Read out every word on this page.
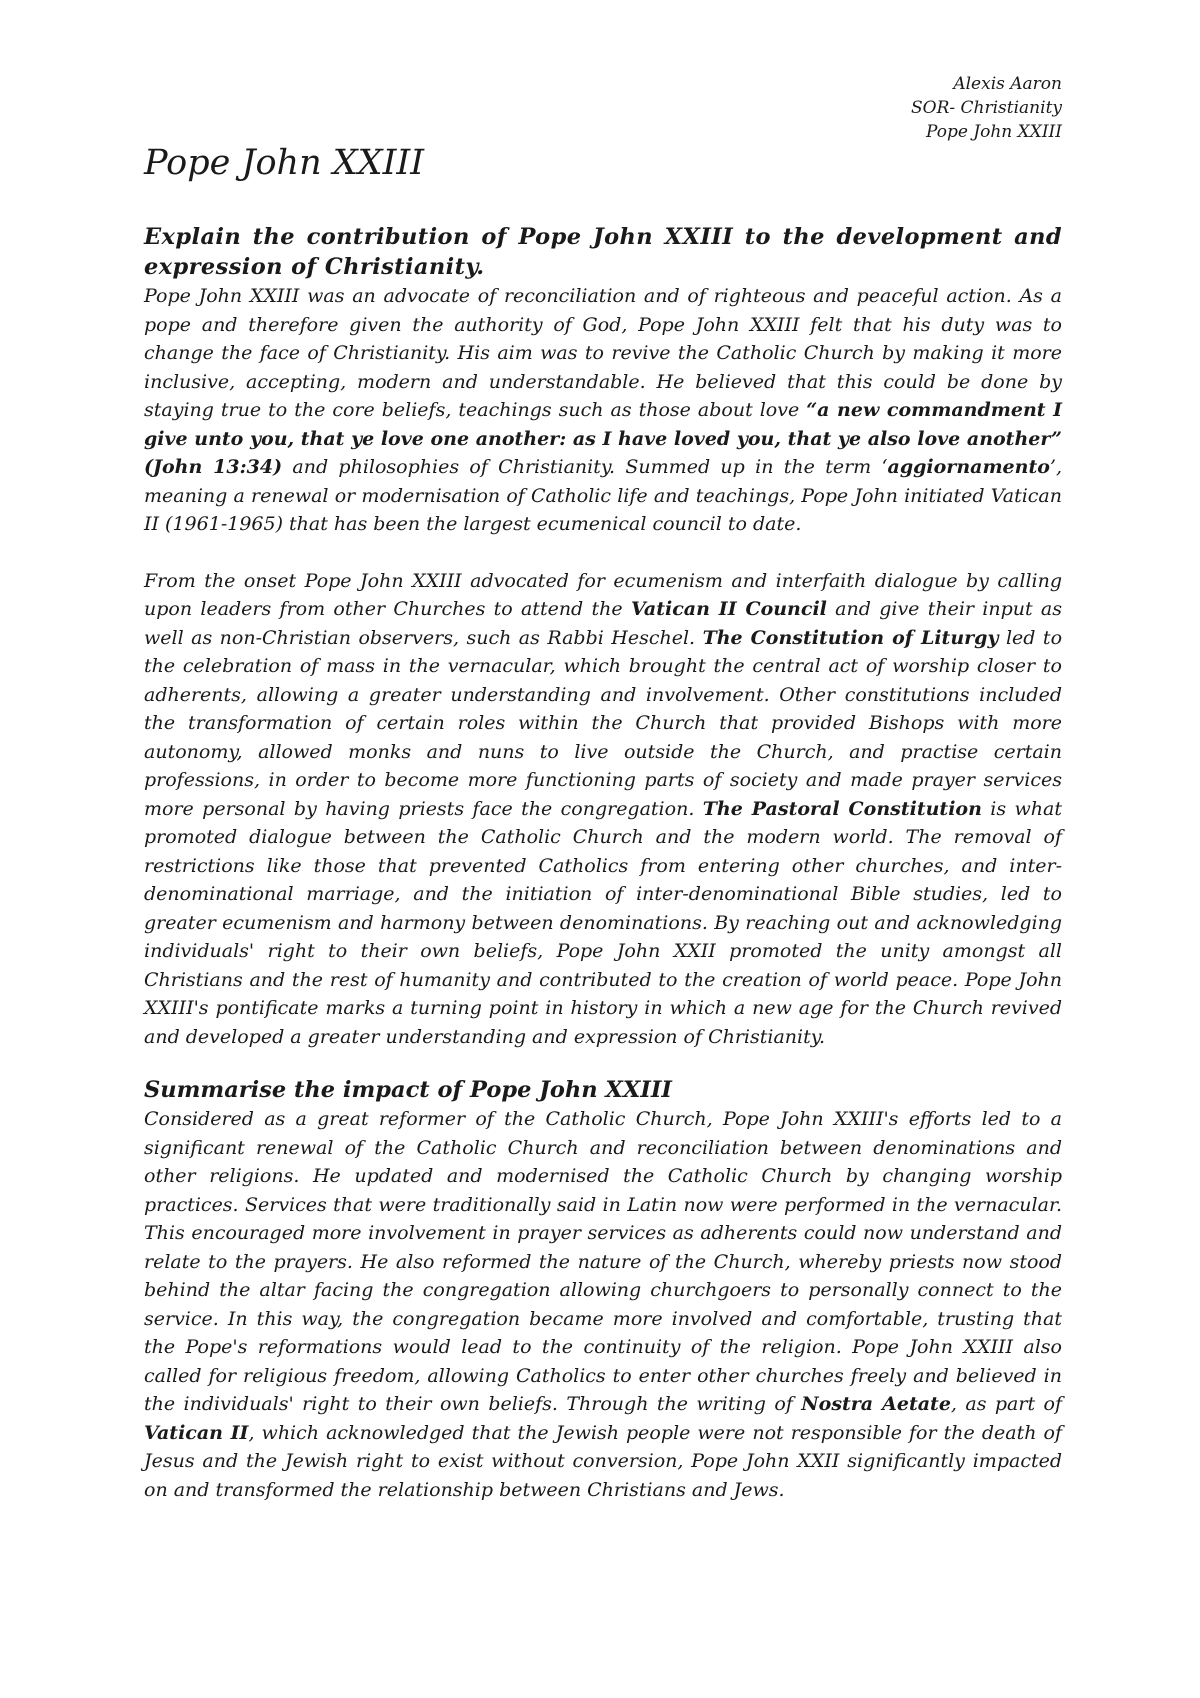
Alexis Aaron
SOR- Christianity
Pope John XXIII
Pope John XXIII
Explain the contribution of Pope John XXIII to the development and expression of Christianity.

Pope John XXIII was an advocate of reconciliation and of righteous and peaceful action. As a pope and therefore given the authority of God, Pope John XXIII felt that his duty was to change the face of Christianity. His aim was to revive the Catholic Church by making it more inclusive, accepting, modern and understandable. He believed that this could be done by staying true to the core beliefs, teachings such as those about love “a new commandment I give unto you, that ye love one another: as I have loved you, that ye also love another” (John 13:34) and philosophies of Christianity. Summed up in the term ‘aggiornamento’, meaning a renewal or modernisation of Catholic life and teachings, Pope John initiated Vatican II (1961-1965) that has been the largest ecumenical council to date.

From the onset Pope John XXIII advocated for ecumenism and interfaith dialogue by calling upon leaders from other Churches to attend the Vatican II Council and give their input as well as non-Christian observers, such as Rabbi Heschel. The Constitution of Liturgy led to the celebration of mass in the vernacular, which brought the central act of worship closer to adherents, allowing a greater understanding and involvement. Other constitutions included the transformation of certain roles within the Church that provided Bishops with more autonomy, allowed monks and nuns to live outside the Church, and practise certain professions, in order to become more functioning parts of society and made prayer services more personal by having priests face the congregation. The Pastoral Constitution is what promoted dialogue between the Catholic Church and the modern world. The removal of restrictions like those that prevented Catholics from entering other churches, and inter-denominational marriage, and the initiation of inter-denominational Bible studies, led to greater ecumenism and harmony between denominations. By reaching out and acknowledging individuals' right to their own beliefs, Pope John XXII promoted the unity amongst all Christians and the rest of humanity and contributed to the creation of world peace. Pope John XXIII's pontificate marks a turning point in history in which a new age for the Church revived and developed a greater understanding and expression of Christianity.

Summarise the impact of Pope John XXIII

Considered as a great reformer of the Catholic Church, Pope John XXIII's efforts led to a significant renewal of the Catholic Church and reconciliation between denominations and other religions. He updated and modernised the Catholic Church by changing worship practices. Services that were traditionally said in Latin now were performed in the vernacular. This encouraged more involvement in prayer services as adherents could now understand and relate to the prayers. He also reformed the nature of the Church, whereby priests now stood behind the altar facing the congregation allowing churchgoers to personally connect to the service. In this way, the congregation became more involved and comfortable, trusting that the Pope's reformations would lead to the continuity of the religion. Pope John XXIII also called for religious freedom, allowing Catholics to enter other churches freely and believed in the individuals' right to their own beliefs. Through the writing of Nostra Aetate, as part of Vatican II, which acknowledged that the Jewish people were not responsible for the death of Jesus and the Jewish right to exist without conversion, Pope John XXII significantly impacted on and transformed the relationship between Christians and Jews.
